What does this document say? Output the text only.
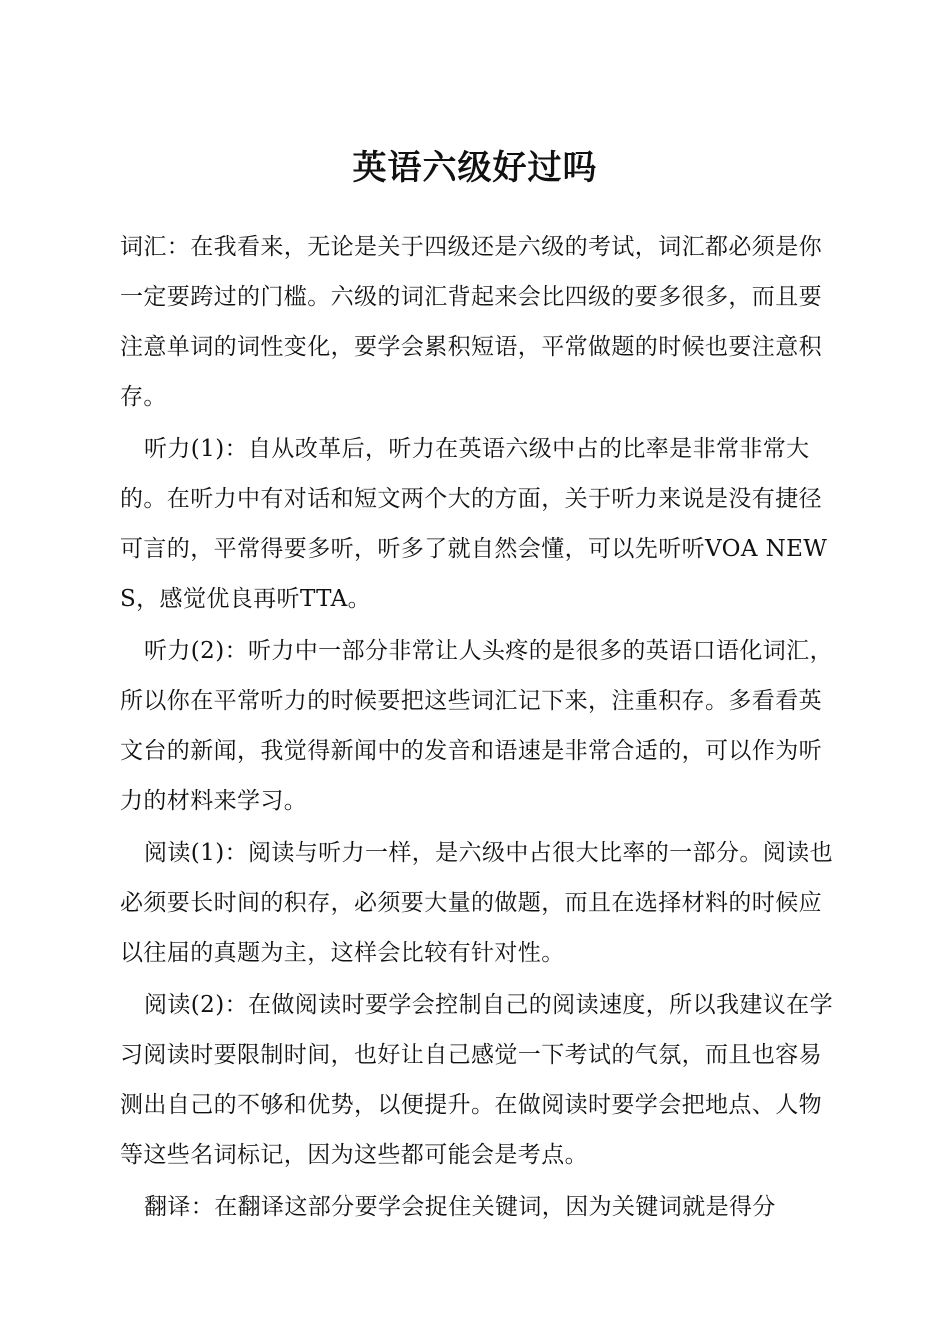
英语六级好过吗

词汇：在我看来，无论是关于四级还是六级的考试，词汇都必须是你一定要跨过的门槛。六级的词汇背起来会比四级的要多很多，而且要注意单词的词性变化，要学会累积短语，平常做题的时候也要注意积存。

听力(1)：自从改革后，听力在英语六级中占的比率是非常非常大的。在听力中有对话和短文两个大的方面，关于听力来说是没有捷径可言的，平常得要多听，听多了就自然会懂，可以先听听VOA NEWS，感觉优良再听TTA。

听力(2)：听力中一部分非常让人头疼的是很多的英语口语化词汇，所以你在平常听力的时候要把这些词汇记下来，注重积存。多看看英文台的新闻，我觉得新闻中的发音和语速是非常合适的，可以作为听力的材料来学习。

阅读(1)：阅读与听力一样，是六级中占很大比率的一部分。阅读也必须要长时间的积存，必须要大量的做题，而且在选择材料的时候应以往届的真题为主，这样会比较有针对性。

阅读(2)：在做阅读时要学会控制自己的阅读速度，所以我建议在学习阅读时要限制时间，也好让自己感觉一下考试的气氛，而且也容易测出自己的不够和优势，以便提升。在做阅读时要学会把地点、人物等这些名词标记，因为这些都可能会是考点。

翻译：在翻译这部分要学会捉住关键词，因为关键词就是得分
